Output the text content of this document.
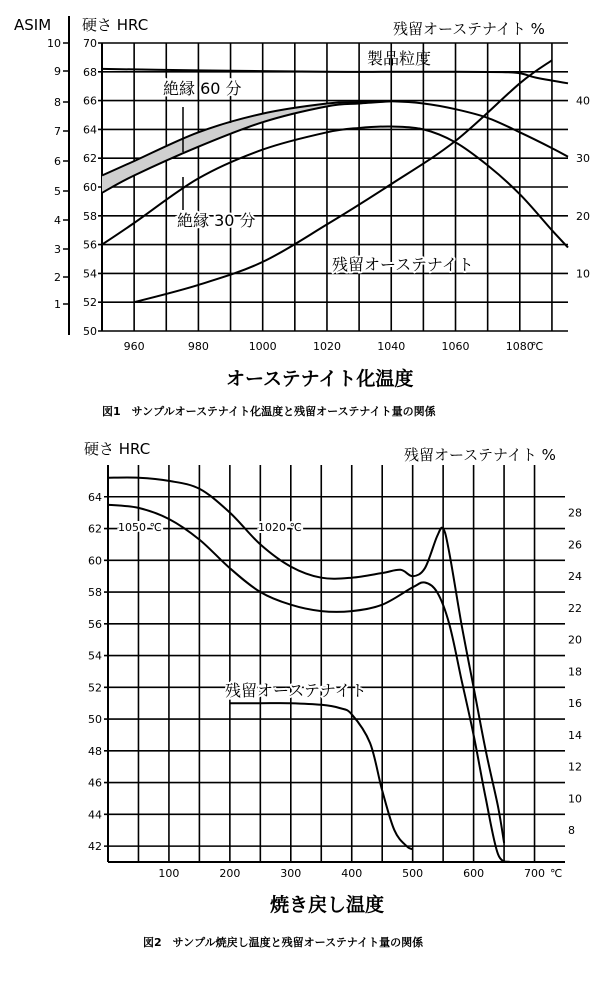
70
68
66
64
62
60
58
56
54
52
50
10
9
8
7
6
5
4
3
2
1
40
30
20
10
960	980	1000	1020	1040	1060	1080
ASIM 硬さ HRC	残留オーステナイト %
製品粒度
絶縁 60 分
絶縁 30 分
残留オーステナイト
℃
オーステナイト化温度
図1　サンプルオーステナイト化温度と残留オーステナイト量の関係
64
62
60
58
56
54
52
50
48
46
44
42
28
26
24
22
20
18
16
14
12
10
8
100	200	300	400	500	600	700
硬さ HRC	残留オーステナイト %
1050 ℃	1020 ℃
残留オーステナイト
℃
焼き戻し温度
図2　サンプル焼戻し温度と残留オーステナイト量の関係
